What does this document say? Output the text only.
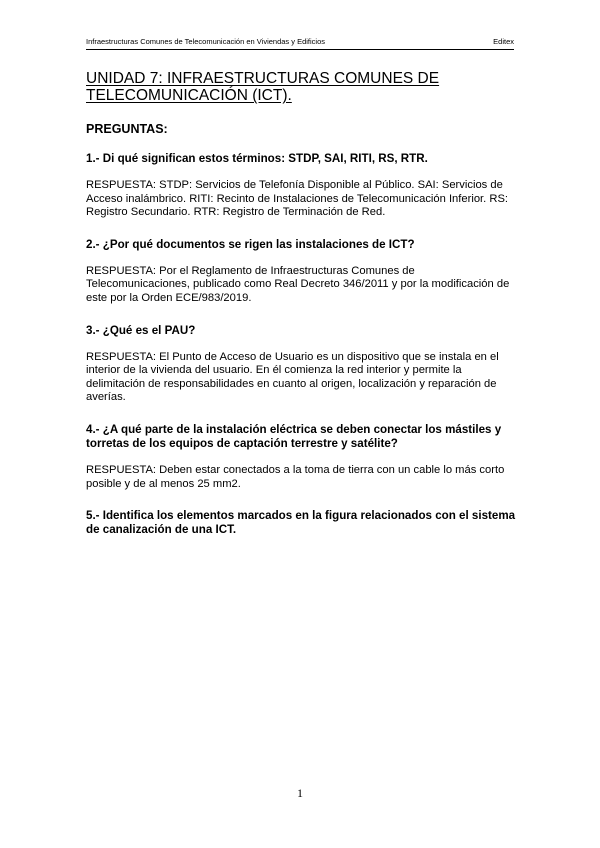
Infraestructuras Comunes de Telecomunicación en Viviendas y Edificios	Editex
UNIDAD 7: INFRAESTRUCTURAS COMUNES DE
TELECOMUNICACIÓN (ICT).

PREGUNTAS:

1.- Di qué significan estos términos: STDP, SAI, RITI, RS, RTR.

RESPUESTA: STDP: Servicios de Telefonía Disponible al Público. SAI: Servicios de Acceso inalámbrico. RITI: Recinto de Instalaciones de Telecomunicación Inferior. RS: Registro Secundario. RTR: Registro de Terminación de Red.

2.- ¿Por qué documentos se rigen las instalaciones de ICT?

RESPUESTA: Por el Reglamento de Infraestructuras Comunes de Telecomunicaciones, publicado como Real Decreto 346/2011 y por la modificación de este por la Orden ECE/983/2019.

3.- ¿Qué es el PAU?

RESPUESTA: El Punto de Acceso de Usuario es un dispositivo que se instala en el interior de la vivienda del usuario. En él comienza la red interior y permite la delimitación de responsabilidades en cuanto al origen, localización y reparación de averías.

4.- ¿A qué parte de la instalación eléctrica se deben conectar los mástiles y torretas de los equipos de captación terrestre y satélite?

RESPUESTA: Deben estar conectados a la toma de tierra con un cable lo más corto posible y de al menos 25 mm2.

5.- Identifica los elementos marcados en la figura relacionados con el sistema de canalización de una ICT.

1
